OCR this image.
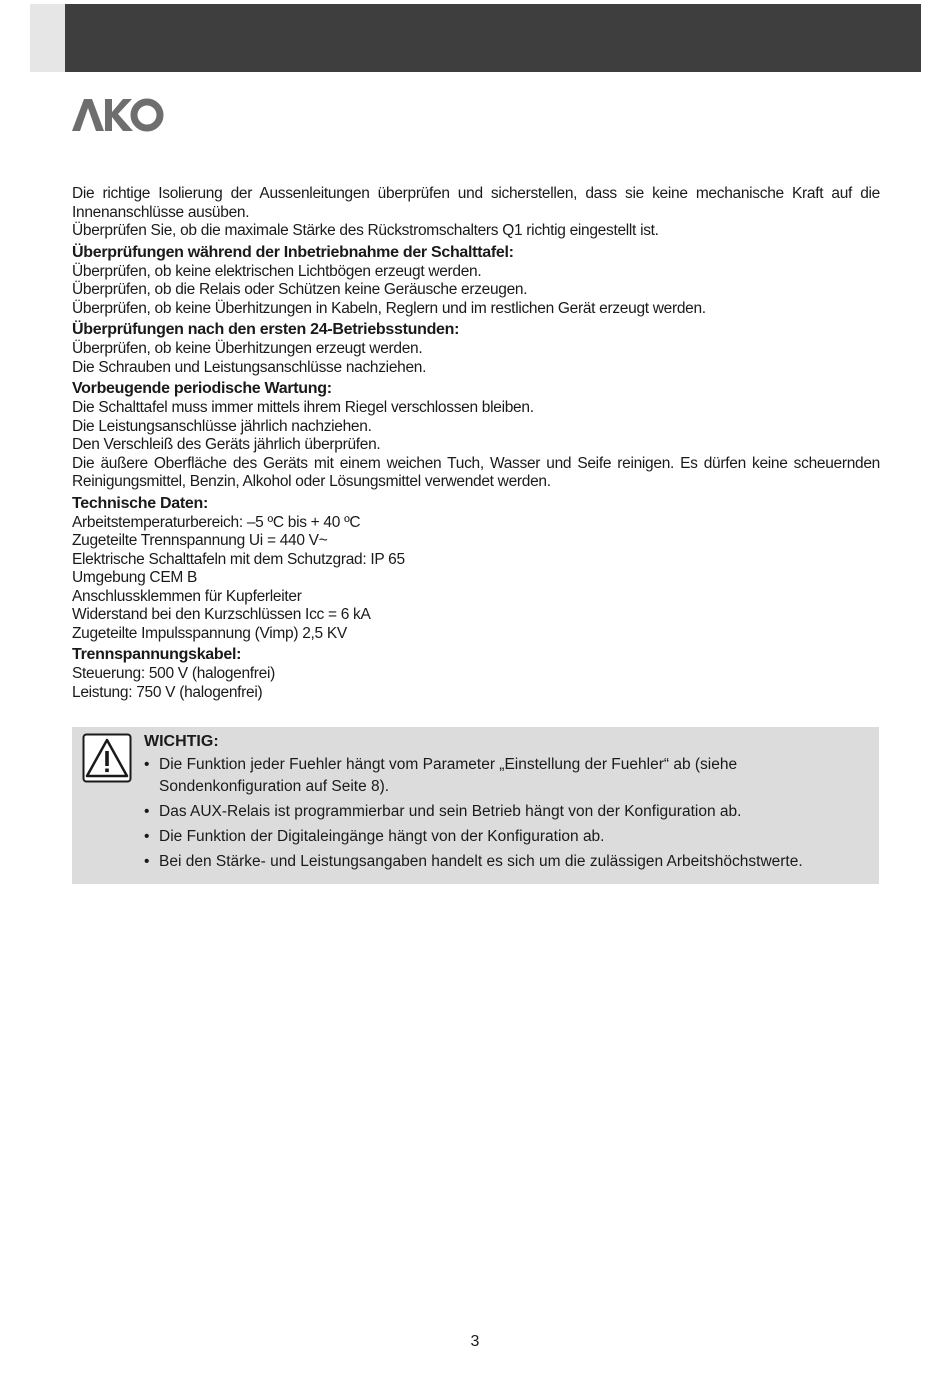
Die richtige Isolierung der Aussenleitungen überprüfen und sicherstellen, dass sie keine mechanische Kraft auf die Innenanschlüsse ausüben.

Überprüfen Sie, ob die maximale Stärke des Rückstromschalters Q1 richtig eingestellt ist.

Überprüfungen während der Inbetriebnahme der Schalttafel:

Überprüfen, ob keine elektrischen Lichtbögen erzeugt werden.

Überprüfen, ob die Relais oder Schützen keine Geräusche erzeugen.

Überprüfen, ob keine Überhitzungen in Kabeln, Reglern und im restlichen Gerät erzeugt werden.

Überprüfungen nach den ersten 24-Betriebsstunden:

Überprüfen, ob keine Überhitzungen erzeugt werden.

Die Schrauben und Leistungsanschlüsse nachziehen.

Vorbeugende periodische Wartung:

Die Schalttafel muss immer mittels ihrem Riegel verschlossen bleiben.

Die Leistungsanschlüsse jährlich nachziehen.

Den Verschleiß des Geräts jährlich überprüfen.

Die äußere Oberfläche des Geräts mit einem weichen Tuch, Wasser und Seife reinigen. Es dürfen keine scheuernden Reinigungsmittel, Benzin, Alkohol oder Lösungsmittel verwendet werden.

Technische Daten:

Arbeitstemperaturbereich: –5 ºC bis + 40 ºC

Zugeteilte Trennspannung Ui = 440 V~

Elektrische Schalttafeln mit dem Schutzgrad: IP 65

Umgebung CEM B

Anschlussklemmen für Kupferleiter

Widerstand bei den Kurzschlüssen Icc = 6 kA

Zugeteilte Impulsspannung (Vimp) 2,5 KV

Trennspannungskabel:

Steuerung: 500 V (halogenfrei)

Leistung: 750 V (halogenfrei)

WICHTIG:
• Die Funktion jeder Fuehler hängt vom Parameter „Einstellung der Fuehler“ ab (siehe Sondenkonfiguration auf Seite 8).
• Das AUX-Relais ist programmierbar und sein Betrieb hängt von der Konfiguration ab.
• Die Funktion der Digitaleingänge hängt von der Konfiguration ab.
• Bei den Stärke- und Leistungsangaben handelt es sich um die zulässigen Arbeitshöchstwerte.
3
